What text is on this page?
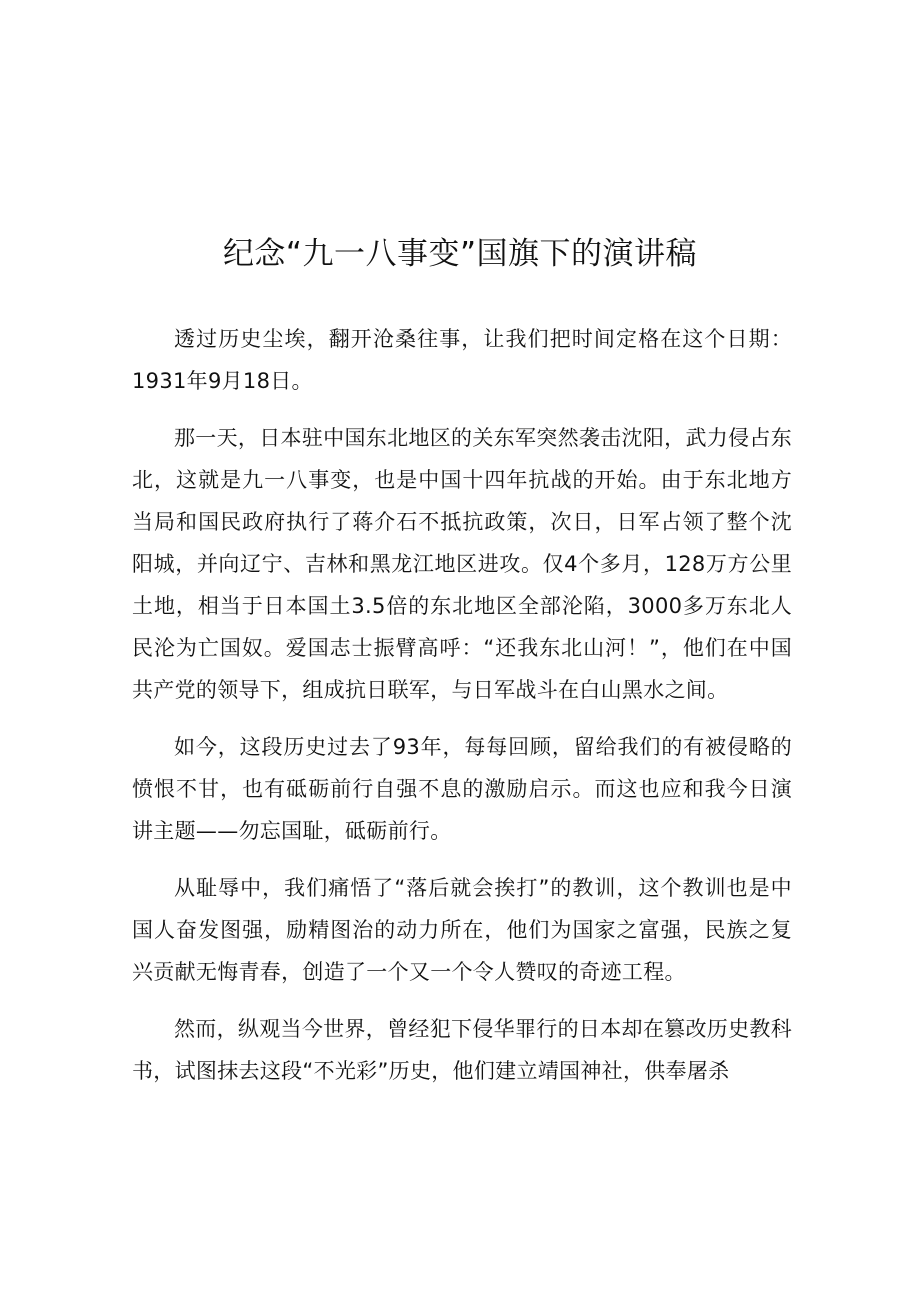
纪念“九一八事变”国旗下的演讲稿

透过历史尘埃，翻开沧桑往事，让我们把时间定格在这个日期：1931年9月18日。

那一天，日本驻中国东北地区的关东军突然袭击沈阳，武力侵占东北，这就是九一八事变，也是中国十四年抗战的开始。由于东北地方当局和国民政府执行了蒋介石不抵抗政策，次日，日军占领了整个沈阳城，并向辽宁、吉林和黑龙江地区进攻。仅4个多月，128万方公里土地，相当于日本国土3.5倍的东北地区全部沦陷，3000多万东北人民沦为亡国奴。爱国志士振臂高呼：“还我东北山河！”，他们在中国共产党的领导下，组成抗日联军，与日军战斗在白山黑水之间。

如今，这段历史过去了93年，每每回顾，留给我们的有被侵略的愤恨不甘，也有砥砺前行自强不息的激励启示。而这也应和我今日演讲主题——勿忘国耻，砥砺前行。

从耻辱中，我们痛悟了“落后就会挨打”的教训，这个教训也是中国人奋发图强，励精图治的动力所在，他们为国家之富强，民族之复兴贡献无悔青春，创造了一个又一个令人赞叹的奇迹工程。

然而，纵观当今世界，曾经犯下侵华罪行的日本却在篡改历史教科书，试图抹去这段“不光彩”历史，他们建立靖国神社，供奉屠杀
